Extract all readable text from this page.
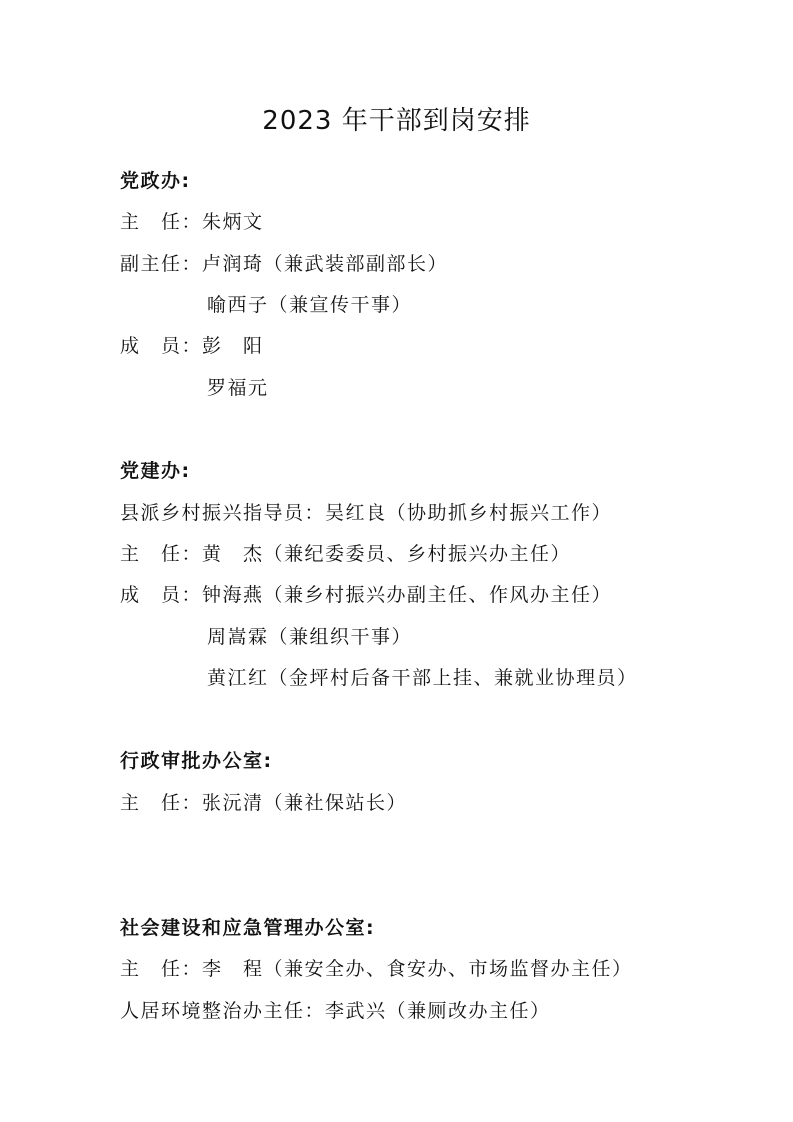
2023 年干部到岗安排
党政办:
主　任：朱炳文
副主任：卢润琦（兼武装部副部长）
喻西子（兼宣传干事）
成　员：彭　阳
罗福元
党建办:
县派乡村振兴指导员：吴红良（协助抓乡村振兴工作）
主　任：黄　杰（兼纪委委员、乡村振兴办主任）
成　员：钟海燕（兼乡村振兴办副主任、作风办主任）
周嵩霖（兼组织干事）
黄江红（金坪村后备干部上挂、兼就业协理员）
行政审批办公室:
主　任：张沅清（兼社保站长）
社会建设和应急管理办公室:
主　任：李　程（兼安全办、食安办、市场监督办主任）
人居环境整治办主任：李武兴（兼厕改办主任）
